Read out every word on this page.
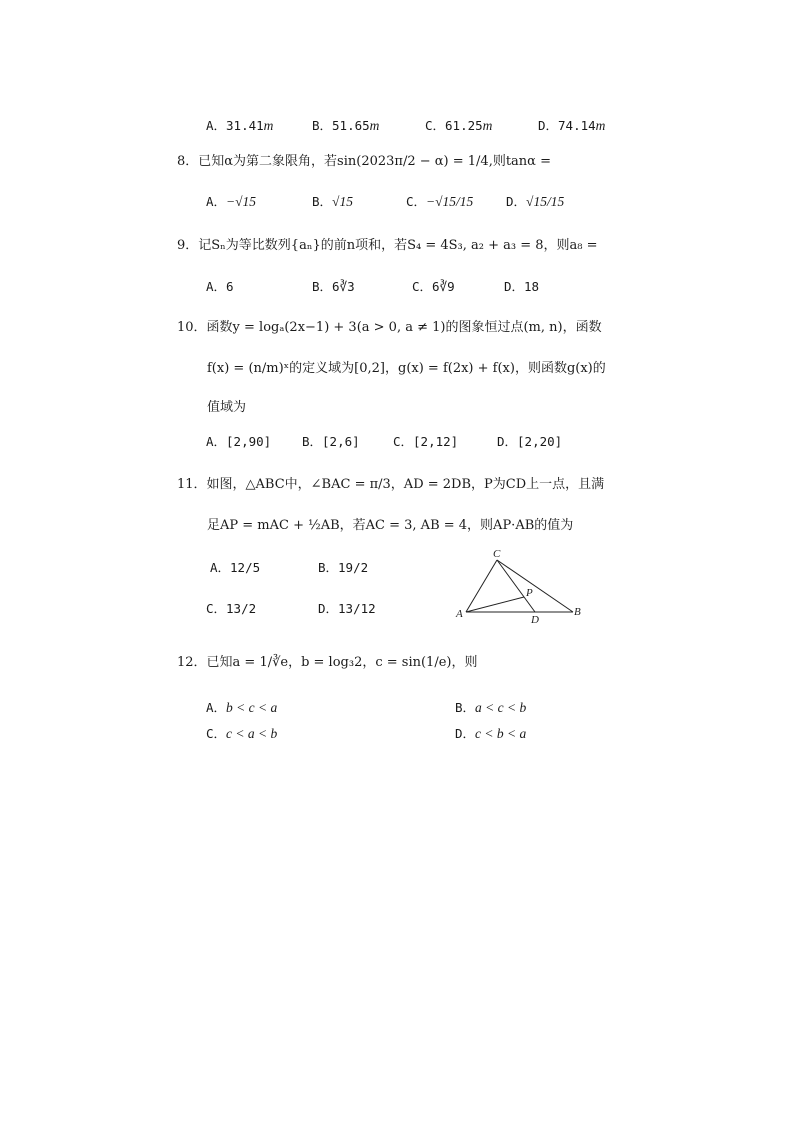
A．31.41m	B．51.65m	C．61.25m	D．74.14m
8．已知α为第二象限角，若sin(2023π/2 − α) = 1/4,则tanα =
A．−√15	B．√15	C．−√15/15	D．√15/15
9．记Sₙ为等比数列{aₙ}的前n项和，若S₄ = 4S₃, a₂ + a₃ = 8，则a₈ =
A．6	B．6∛3	C．6∛9	D．18
10．函数y = logₐ(2x−1) + 3(a > 0, a ≠ 1)的图象恒过点(m, n)，函数
f(x) = (n/m)ˣ的定义域为[0,2]，g(x) = f(2x) + f(x)，则函数g(x)的
值域为
A．[2,90] B．[2,6]	C．[2,12]	D．[2,20]
11．如图，△ABC中，∠BAC = π/3，AD = 2DB，P为CD上一点，且满
足AP = mAC + ½AB，若AC = 3, AB = 4，则AP·AB的值为
A．12/5	B．19/2
C．13/2	D．13/12
C
P
A	D
B
12．已知a = 1/∛e，b = log₃2，c = sin(1/e)，则
A．b < c < a	B．a < c < b
C．c < a < b	D．c < b < a
